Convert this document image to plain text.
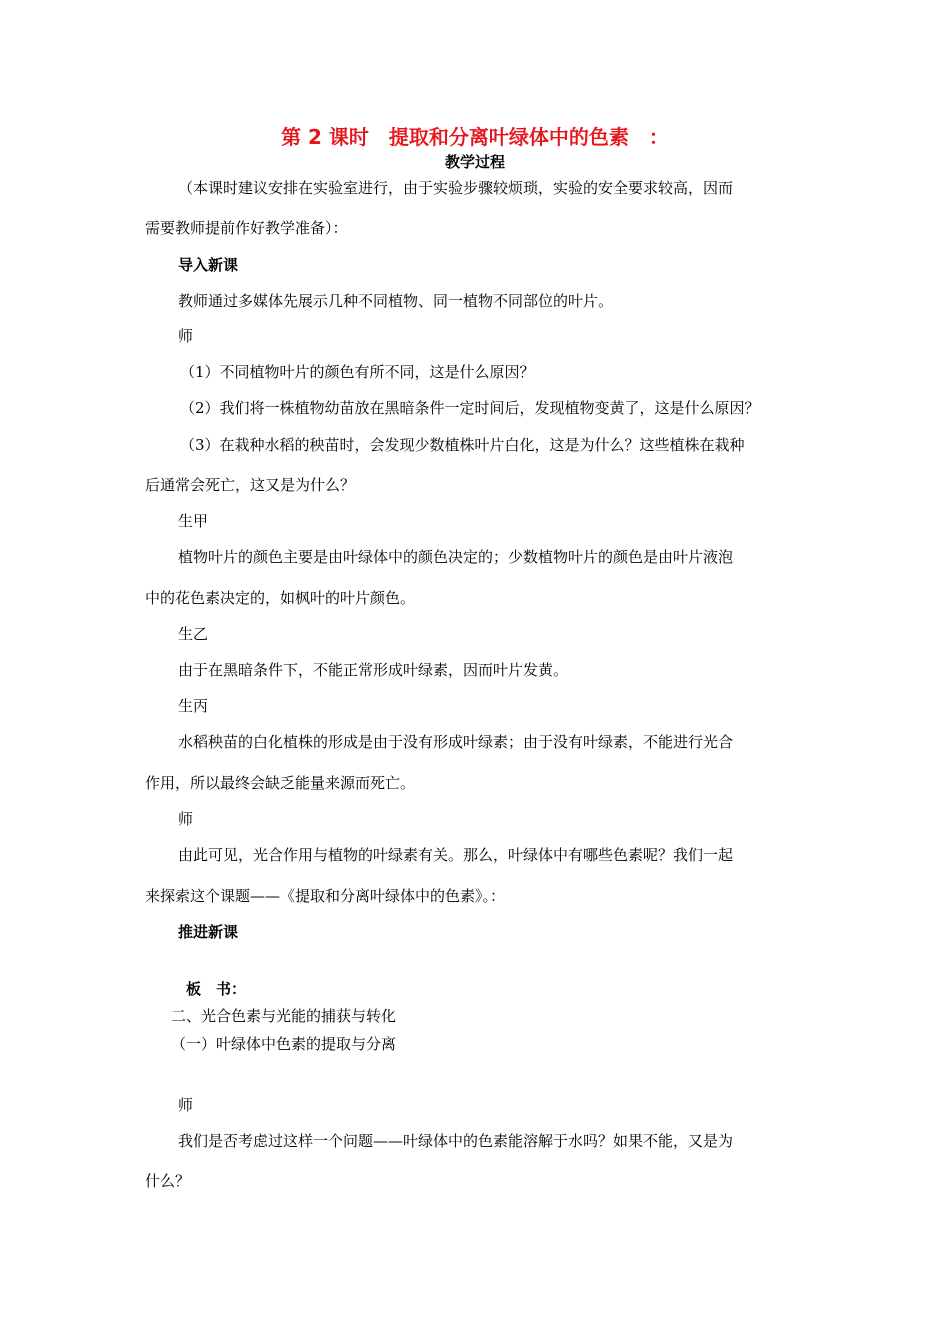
第 2 课时　提取和分离叶绿体中的色素　：
教学过程
（本课时建议安排在实验室进行，由于实验步骤较烦琐，实验的安全要求较高，因而
需要教师提前作好教学准备）：
导入新课
教师通过多媒体先展示几种不同植物、同一植物不同部位的叶片。
师
（1）不同植物叶片的颜色有所不同，这是什么原因？
（2）我们将一株植物幼苗放在黑暗条件一定时间后，发现植物变黄了，这是什么原因？
（3）在栽种水稻的秧苗时，会发现少数植株叶片白化，这是为什么？这些植株在栽种
后通常会死亡，这又是为什么？
生甲
植物叶片的颜色主要是由叶绿体中的颜色决定的；少数植物叶片的颜色是由叶片液泡
中的花色素决定的，如枫叶的叶片颜色。
生乙
由于在黑暗条件下，不能正常形成叶绿素，因而叶片发黄。
生丙
水稻秧苗的白化植株的形成是由于没有形成叶绿素；由于没有叶绿素，不能进行光合
作用，所以最终会缺乏能量来源而死亡。
师
由此可见，光合作用与植物的叶绿素有关。那么，叶绿体中有哪些色素呢？我们一起
来探索这个课题——《提取和分离叶绿体中的色素》。：
推进新课
板　书：
二、光合色素与光能的捕获与转化
（一）叶绿体中色素的提取与分离
师
我们是否考虑过这样一个问题——叶绿体中的色素能溶解于水吗？如果不能，又是为
什么？
